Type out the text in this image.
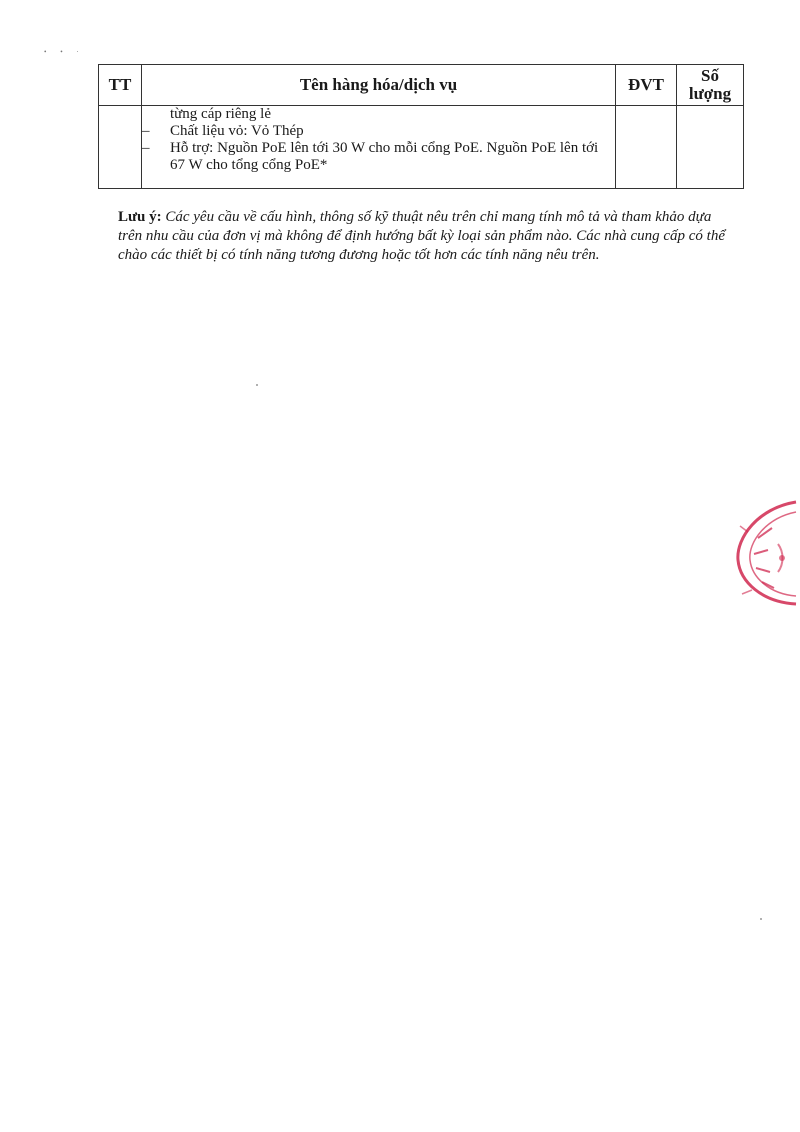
• • ·
TT	Tên hàng hóa/dịch vụ	ĐVT	Số
lượng

	từng cáp riêng lẻ
– Chất liệu vỏ: Vỏ Thép
– Hỗ trợ: Nguồn PoE lên tới 30 W cho mỗi cổng PoE. Nguồn PoE lên tới 67 W cho tổng cổng PoE*		

Lưu ý: Các yêu cầu về cấu hình, thông số kỹ thuật nêu trên chỉ mang tính mô tả và tham khảo dựa trên nhu cầu của đơn vị mà không để định hướng bất kỳ loại sản phẩm nào. Các nhà cung cấp có thể chào các thiết bị có tính năng tương đương hoặc tốt hơn các tính năng nêu trên.
